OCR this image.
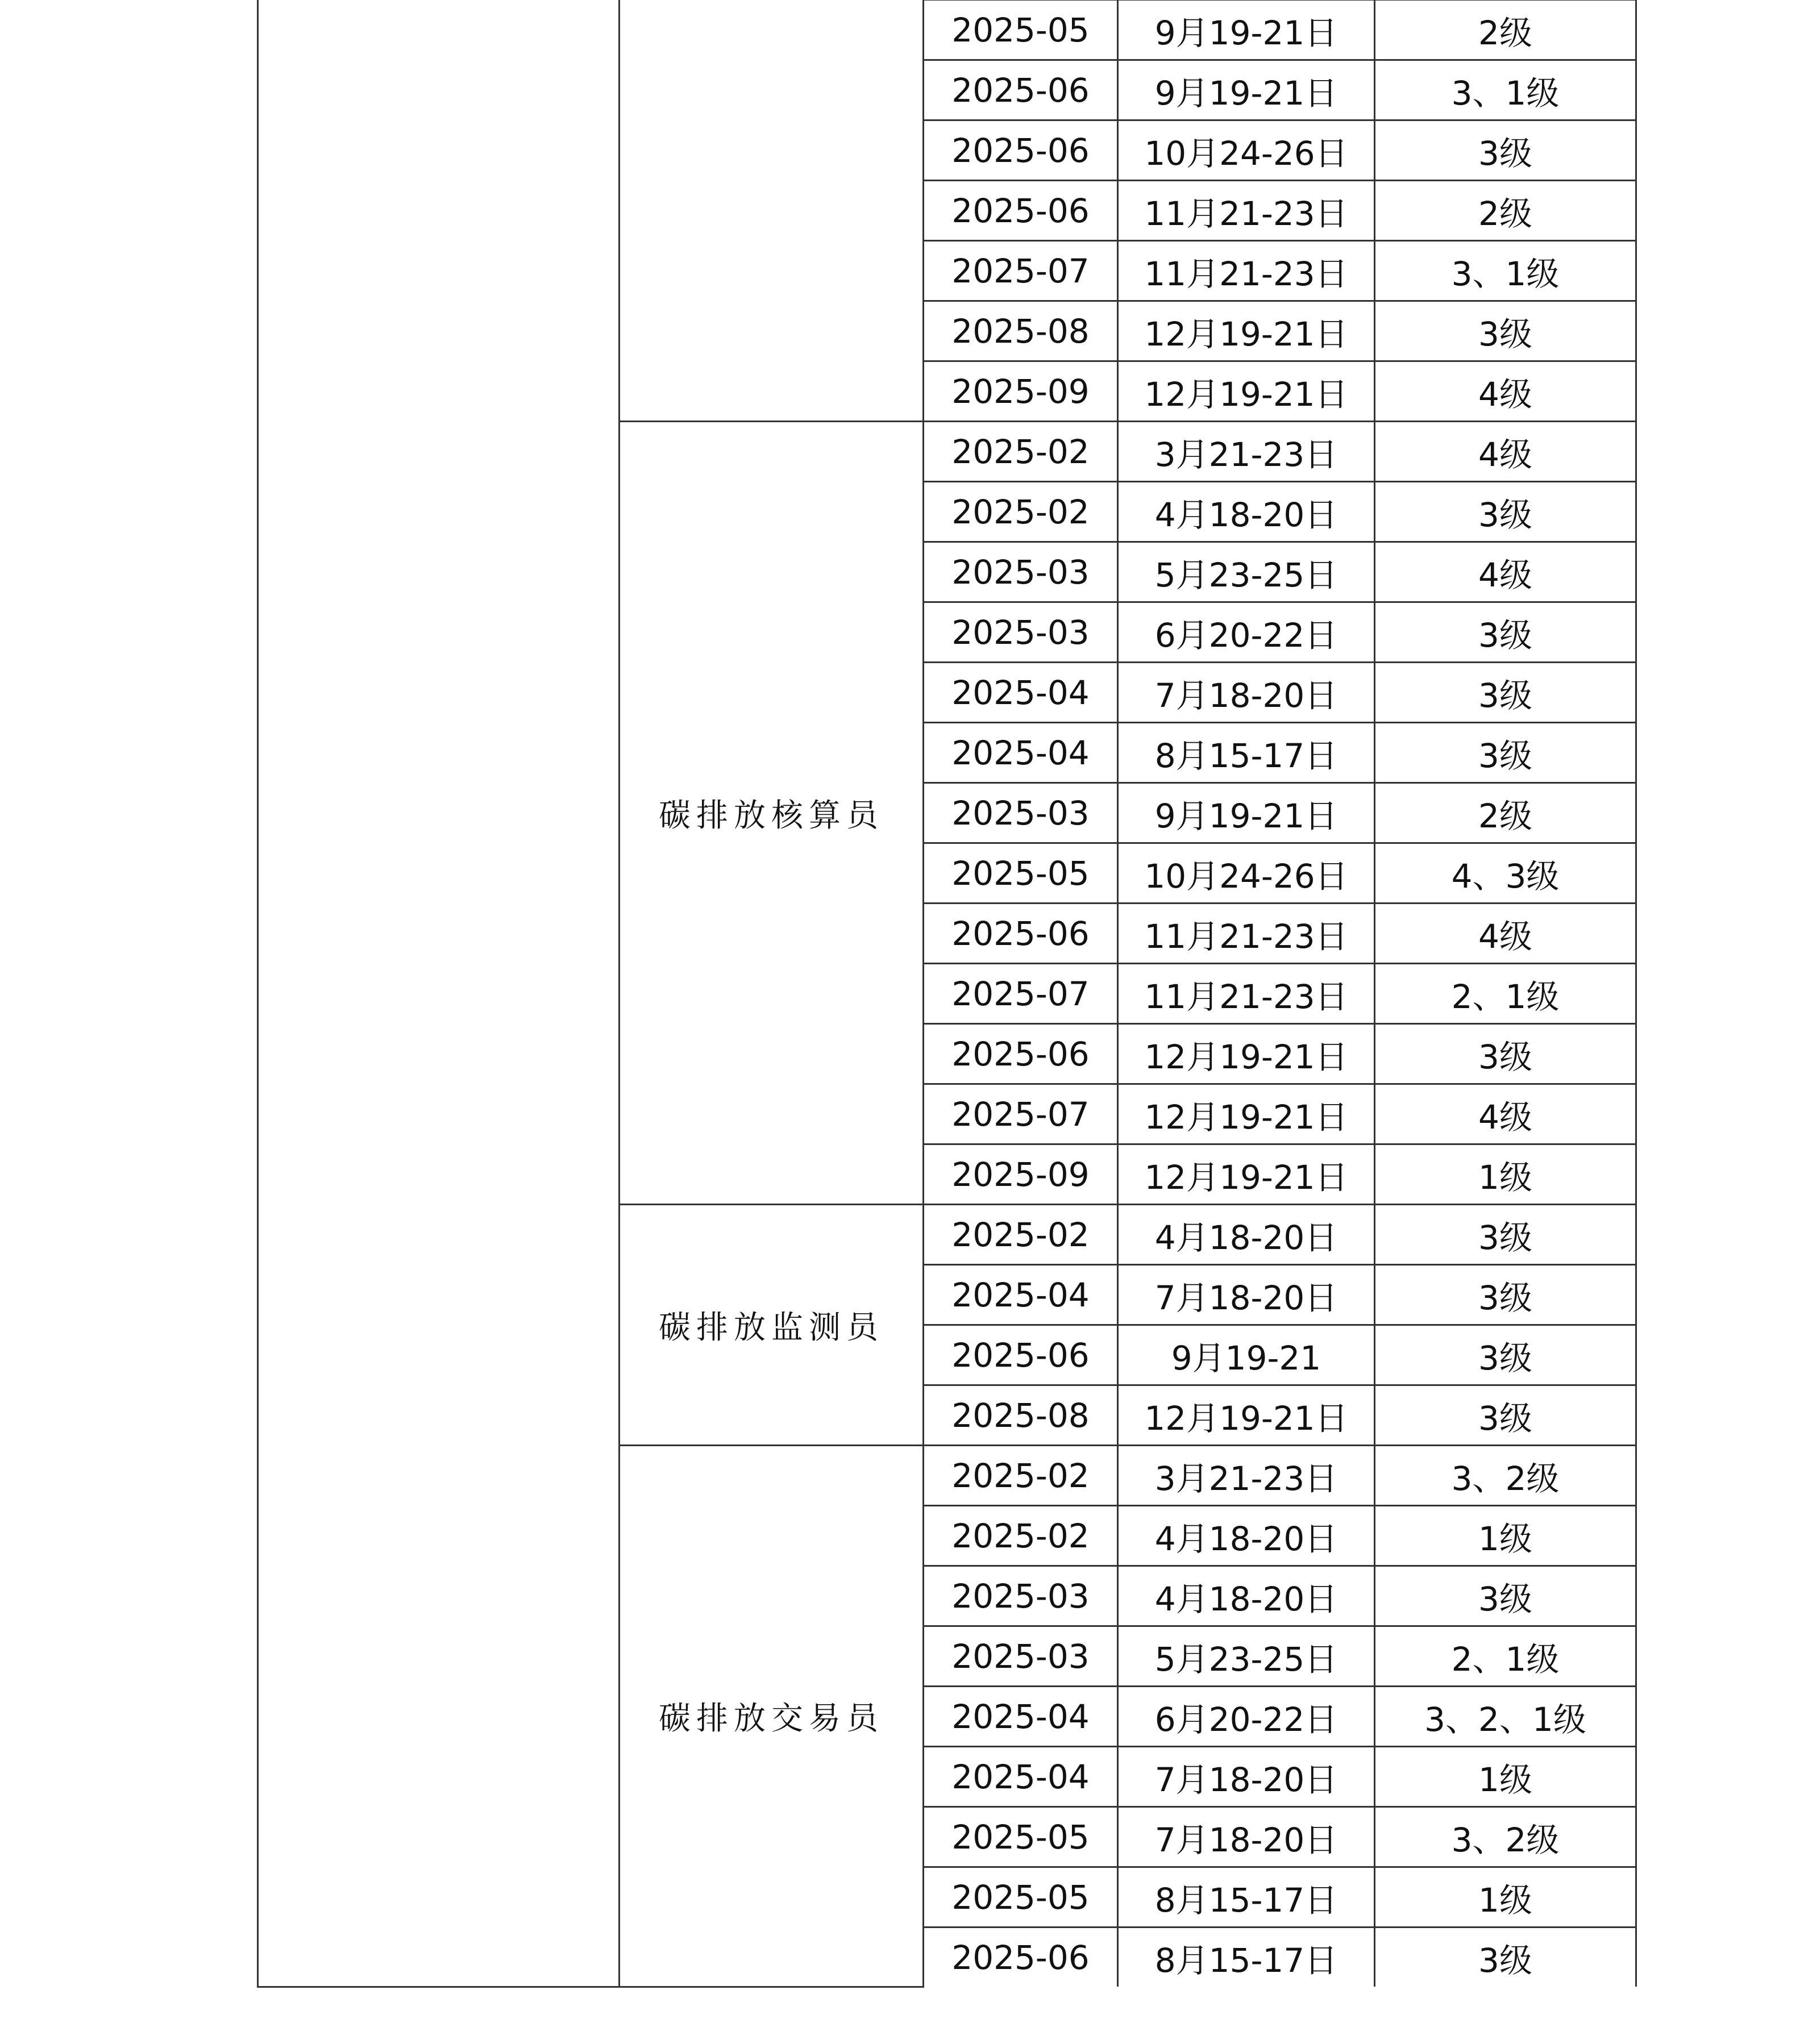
		2025-05	9月19-21日	2级
		2025-06	9月19-21日	3、1级
		2025-06	10月24-26日	3级
		2025-06	11月21-23日	2级
		2025-07	11月21-23日	3、1级
		2025-08	12月19-21日	3级
		2025-09	12月19-21日	4级
	碳排放核算员	2025-02	3月21-23日	4级
		2025-02	4月18-20日	3级
		2025-03	5月23-25日	4级
		2025-03	6月20-22日	3级
		2025-04	7月18-20日	3级
		2025-04	8月15-17日	3级
		2025-03	9月19-21日	2级
		2025-05	10月24-26日	4、3级
		2025-06	11月21-23日	4级
		2025-07	11月21-23日	2、1级
		2025-06	12月19-21日	3级
		2025-07	12月19-21日	4级
		2025-09	12月19-21日	1级
	碳排放监测员	2025-02	4月18-20日	3级
		2025-04	7月18-20日	3级
		2025-06	9月19-21	3级
		2025-08	12月19-21日	3级
	碳排放交易员	2025-02	3月21-23日	3、2级
		2025-02	4月18-20日	1级
		2025-03	4月18-20日	3级
		2025-03	5月23-25日	2、1级
		2025-04	6月20-22日	3、2、1级
		2025-04	7月18-20日	1级
		2025-05	7月18-20日	3、2级
		2025-05	8月15-17日	1级
		2025-06	8月15-17日	3级
